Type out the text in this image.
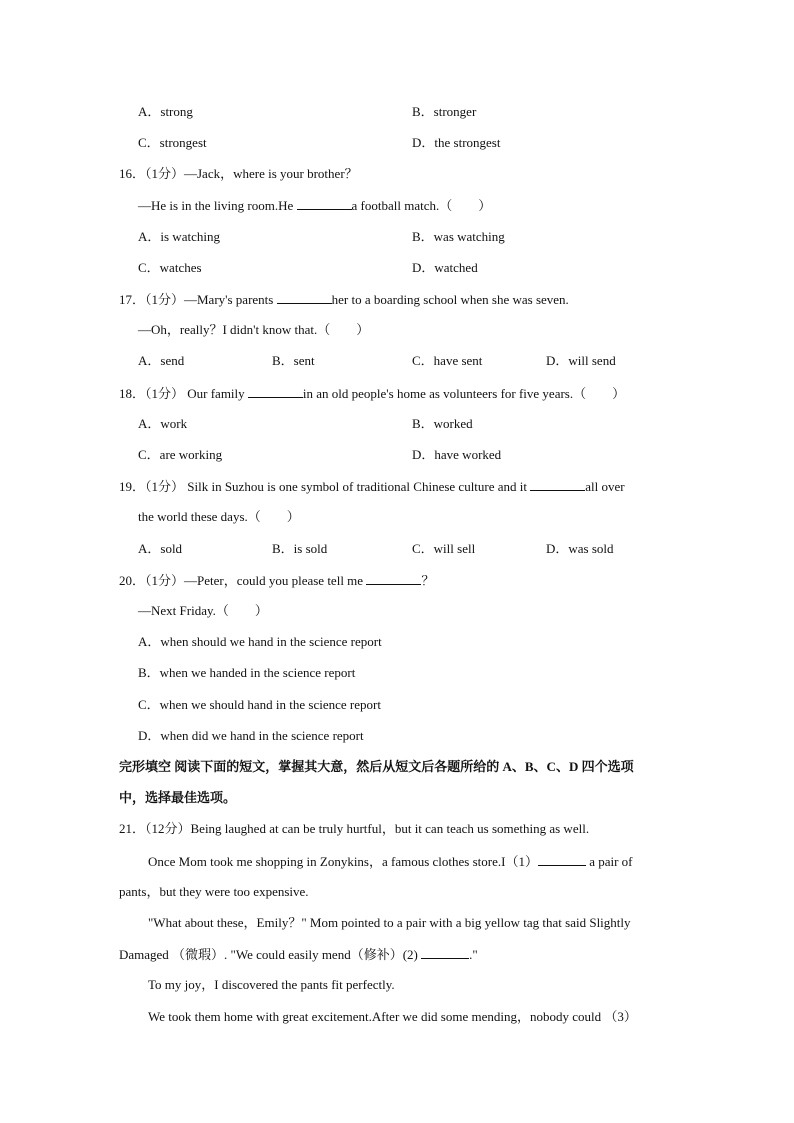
A．strong	B．stronger
C．strongest	D．the strongest
16．（1分）—Jack，where is your brother？
—He is in the living room.He	a football match.（　　）
A．is watching	B．was watching
C．watches	D．watched
17．（1分）—Mary's parents	her to a boarding school when she was seven.
—Oh，really？I didn't know that.（　　）
A．send	B．sent	C．have sent	D．will send
18．（1分） Our family	in an old people's home as volunteers for five years.（　　）
A．work	B．worked
C．are working	D．have worked
19．（1分） Silk in Suzhou is one symbol of traditional Chinese culture and it	all over
the world these days.（　　）
A．sold	B．is sold	C．will sell	D．was sold
20．（1分）—Peter，could you please tell me	？
—Next Friday.（　　）
A．when should we hand in the science report
B．when we handed in the science report
C．when we should hand in the science report
D．when did we hand in the science report
完形填空 阅读下面的短文，掌握其大意，然后从短文后各题所给的 A、B、C、D 四个选项
中，选择最佳选项。
21．（12分）Being laughed at can be truly hurtful，but it can teach us something as well.
Once Mom took me shopping in Zonykins，a famous clothes store.I（1）	a pair of
pants，but they were too expensive.
"What about these，Emily？" Mom pointed to a pair with a big yellow tag that said Slightly
Damaged （微瑕）. "We could easily mend（修补）(2)	."
To my joy，I discovered the pants fit perfectly.
We took them home with great excitement.After we did some mending，nobody could （3）
